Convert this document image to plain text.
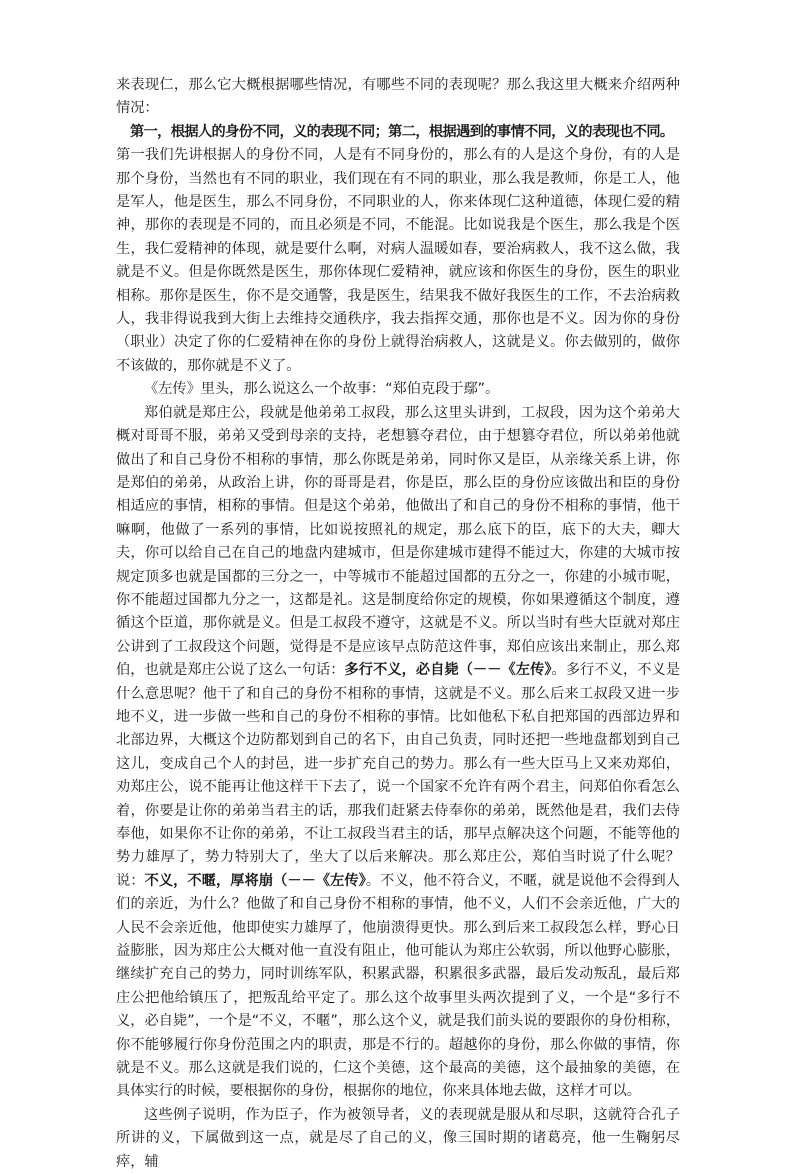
来表现仁，那么它大概根据哪些情况，有哪些不同的表现呢？那么我这里大概来介绍两种情况：

第一，根据人的身份不同，义的表现不同；第二，根据遇到的事情不同，义的表现也不同。

第一我们先讲根据人的身份不同，人是有不同身份的，那么有的人是这个身份，有的人是那个身份，当然也有不同的职业，我们现在有不同的职业，那么我是教师，你是工人，他是军人，他是医生，那么不同身份，不同职业的人，你来体现仁这种道德，体现仁爱的精神，那你的表现是不同的，而且必须是不同，不能混。比如说我是个医生，那么我是个医生，我仁爱精神的体现，就是要什么啊，对病人温暖如春，要治病救人，我不这么做，我就是不义。但是你既然是医生，那你体现仁爱精神，就应该和你医生的身份，医生的职业相称。那你是医生，你不是交通警，我是医生，结果我不做好我医生的工作，不去治病救人，我非得说我到大街上去维持交通秩序，我去指挥交通，那你也是不义。因为你的身份（职业）决定了你的仁爱精神在你的身份上就得治病救人，这就是义。你去做别的，做你不该做的，那你就是不义了。

《左传》里头，那么说这么一个故事：“郑伯克段于鄢”。

郑伯就是郑庄公，段就是他弟弟工叔段，那么这里头讲到，工叔段，因为这个弟弟大概对哥哥不服，弟弟又受到母亲的支持，老想篡夺君位，由于想篡夺君位，所以弟弟他就做出了和自己身份不相称的事情，那么你既是弟弟，同时你又是臣，从亲缘关系上讲，你是郑伯的弟弟，从政治上讲，你的哥哥是君，你是臣，那么臣的身份应该做出和臣的身份相适应的事情，相称的事情。但是这个弟弟，他做出了和自己的身份不相称的事情，他干嘛啊，他做了一系列的事情，比如说按照礼的规定，那么底下的臣，底下的大夫，卿大夫，你可以给自己在自己的地盘内建城市，但是你建城市建得不能过大，你建的大城市按规定顶多也就是国都的三分之一，中等城市不能超过国都的五分之一，你建的小城市呢，你不能超过国都九分之一，这都是礼。这是制度给你定的规模，你如果遵循这个制度，遵循这个臣道，那你就是义。但是工叔段不遵守，这就是不义。所以当时有些大臣就对郑庄公讲到了工叔段这个问题，觉得是不是应该早点防范这件事，郑伯应该出来制止，那么郑伯，也就是郑庄公说了这么一句话：多行不义，必自毙（－－《左传》。多行不义，不义是什么意思呢？他干了和自己的身份不相称的事情，这就是不义。那么后来工叔段又进一步地不义，进一步做一些和自己的身份不相称的事情。比如他私下私自把郑国的西部边界和北部边界，大概这个边防都划到自己的名下，由自己负责，同时还把一些地盘都划到自己这儿，变成自己个人的封邑，进一步扩充自己的势力。那么有一些大臣马上又来劝郑伯，劝郑庄公，说不能再让他这样干下去了，说一个国家不允许有两个君主，问郑伯你看怎么着，你要是让你的弟弟当君主的话，那我们赶紧去侍奉你的弟弟，既然他是君，我们去侍奉他，如果你不让你的弟弟，不让工叔段当君主的话，那早点解决这个问题，不能等他的势力雄厚了，势力特别大了，坐大了以后来解决。那么郑庄公，郑伯当时说了什么呢？说：不义，不暱，厚将崩（－－《左传》。不义，他不符合义，不暱，就是说他不会得到人们的亲近，为什么？他做了和自己身份不相称的事情，他不义，人们不会亲近他，广大的人民不会亲近他，他即使实力雄厚了，他崩溃得更快。那么到后来工叔段怎么样，野心日益膨胀，因为郑庄公大概对他一直没有阻止，他可能认为郑庄公软弱，所以他野心膨胀，继续扩充自己的势力，同时训练军队，积累武器，积累很多武器，最后发动叛乱，最后郑庄公把他给镇压了，把叛乱给平定了。那么这个故事里头两次提到了义，一个是“多行不义，必自毙”，一个是“不义，不暱”，那么这个义，就是我们前头说的要跟你的身份相称，你不能够履行你身份范围之内的职责，那是不行的。超越你的身份，那么你做的事情，你就是不义。那么这就是我们说的，仁这个美德，这个最高的美德，这个最抽象的美德，在具体实行的时候，要根据你的身份，根据你的地位，你来具体地去做，这样才可以。

这些例子说明，作为臣子，作为被领导者，义的表现就是服从和尽职，这就符合孔子所讲的义，下属做到这一点，就是尽了自己的义，像三国时期的诸葛亮，他一生鞠躬尽瘁，辅
